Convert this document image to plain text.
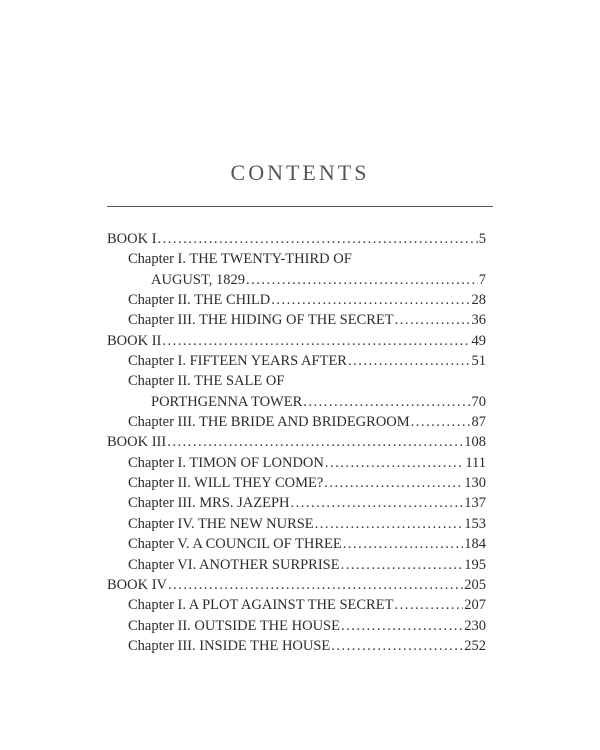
CONTENTS
BOOK I .....	5
Chapter I. THE TWENTY-THIRD OF
AUGUST, 1829 .....	7
Chapter II. THE CHILD .....	28
Chapter III. THE HIDING OF THE SECRET .....	36
BOOK II .....	49
Chapter I. FIFTEEN YEARS AFTER .....	51
Chapter II. THE SALE OF
PORTHGENNA TOWER .....	70
Chapter III. THE BRIDE AND BRIDEGROOM .....	87
BOOK III .....	108
Chapter I. TIMON OF LONDON .....	111
Chapter II. WILL THEY COME? .....	130
Chapter III. MRS. JAZEPH .....	137
Chapter IV. THE NEW NURSE .....	153
Chapter V. A COUNCIL OF THREE .....	184
Chapter VI. ANOTHER SURPRISE .....	195
BOOK IV .....	205
Chapter I. A PLOT AGAINST THE SECRET .....	207
Chapter II. OUTSIDE THE HOUSE .....	230
Chapter III. INSIDE THE HOUSE .....	252
